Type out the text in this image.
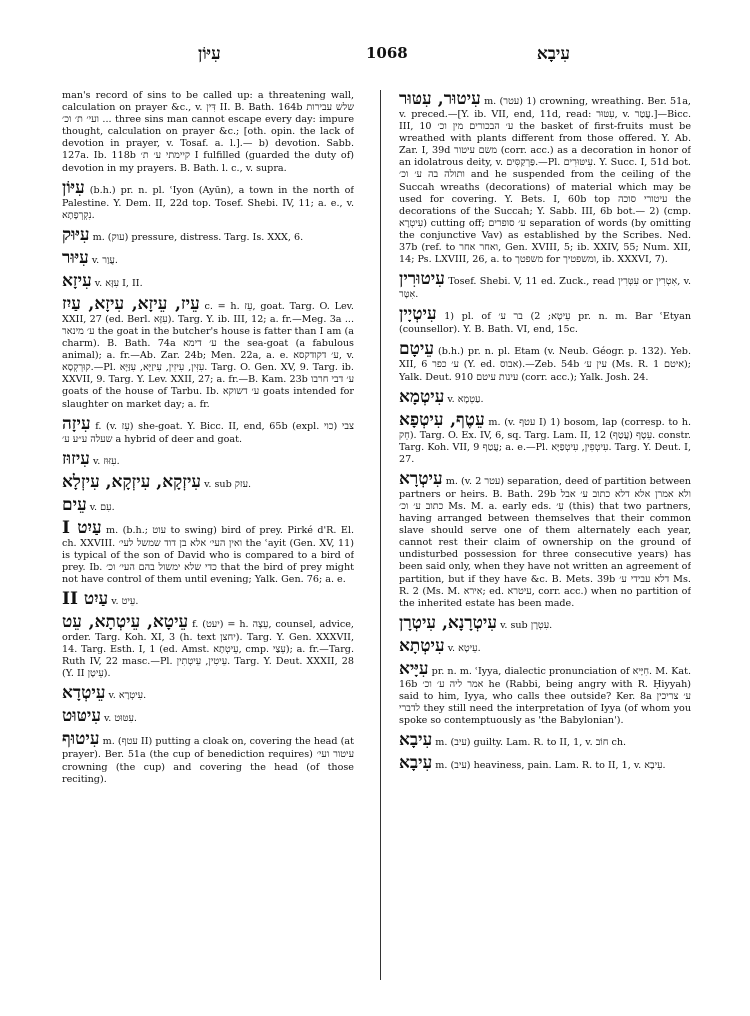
עִיּוֹן	1068	עִיבָא

man's record of sins to be called up: a threatening wall, calculation on prayer &c., v. דִּין II. B. Bath. 164b שלש עבירות ... ועי׳ ת׳ וכ׳ three sins man cannot escape every day: impure thought, calculation on prayer &c.; [oth. opin. the lack of devotion in prayer, v. Tosaf. a. l.].— b) devotion. Sabb. 127a. Ib. 118b קיימתי ע׳ ת׳ I fulfilled (guarded the duty of) devotion in my prayers. B. Bath. l. c., v. supra.

עִיּוֹן (b.h.) pr. n. pl. ʿIyon (Ayūn), a town in the north of Palestine. Y. Dem. II, 22d top. Tosef. Shebi. IV, 11; a. e., v. נִקְרְפָתָא.

עִיּוּק m. (עוק) pressure, distress. Targ. Is. XXX, 6.

עִיּוּר v. עֲוַר.

עִיזָא v. עִזָּא I, II.

עֵיז, עֵיזָא, עִיזָא, עַיִז c. = h. עֵז, goat. Targ. O. Lev. XXII, 27 (ed. Berl. עִזָּא). Targ. Y. ib. III, 12; a. fr.—Meg. 3a ... ע׳ מינאר the goat in the butcher's house is fatter than I am (a charm). B. Bath. 74a ע׳ דימא the sea-goat (a fabulous animal); a. fr.—Ab. Zar. 24b; Men. 22a, a. e. ע׳ דקודקסא, v. קוּרְקְסָא.—Pl. עִזִּין, עִיזִין, עִיזַיָּא, עִזַּיָּא. Targ. O. Gen. XV, 9. Targ. ib. XXVII, 9. Targ. Y. Lev. XXII, 27; a. fr.—B. Kam. 23b ע׳ דבי חרבו goats of the house of Tarbu. Ib. ע׳ דשוקא goats intended for slaughter on market day; a. fr.

עִיזָה f. (v. עֵז) she-goat. Y. Bicc. II, end, 65b (expl. כוי) צבי שעלה ע״ע ע׳ a hybrid of deer and goat.

עִיזוּז v. עִזּוּז.

עִיזְקָא, עִיזְקָא, עִיזְלָא v. sub עזק.

עֵים v. עִם.

עַיִט I m. (b.h.; עוט to swing) bird of prey. Pirké d'R. El. ch. XXVIII. ואין העי׳ אלא בן דוד שמשל לעי׳ the ʿayit (Gen. XV, 11) is typical of the son of David who is compared to a bird of prey. Ib. כדי שלא ימשול בהם העי׳ וכ׳ that the bird of prey might not have control of them until evening; Yalk. Gen. 76; a. e.

עַיִט II v. עֵיט.

עֵיטָא, עֵיטְתָא, עֵט f. (יעט) = h. עֵצָה, counsel, advice, order. Targ. Koh. XI, 3 (h. text יחצן). Targ. Y. Gen. XXXVII, 14. Targ. Esth. I, 1 (ed. Amst. עֵיטְתָא, cmp. עֵצַי); a. fr.—Targ. Ruth IV, 22 masc.—Pl. עֵיטִין, עֵיטְתִין. Targ. Y. Deut. XXXII, 28 (Y. II עֵיטָן).

עֵיטְדָא v. עִיטְרָא.

עִיטּוּט v. עִטּוּט.

עִיטוּף m. (עטף II) putting a cloak on, covering the head (at prayer). Ber. 51a (the cup of benediction requires) עיטור ועי׳ crowning (the cup) and covering the head (of those reciting).

עִיטוּר, עִטּוּר m. (עטר) 1) crowning, wreathing. Ber. 51a, v. preced.—[Y. ib. VII, end, 11d, read: עִטּוּר, v. עֲטַר.]—Bicc. III, 10 ע׳ הבכורים מין וכ׳ the basket of first-fruits must be wreathed with plants different from those offered. Y. Ab. Zar. I, 39d משם עיטור (corr. acc.) as a decoration in honor of an idolatrous deity, v. פַּרְקַסִּים.—Pl. עִיטּוּרִים. Y. Succ. I, 51d bot. ותולה בה ע׳ וכ׳ and he suspended from the ceiling of the Succah wreaths (decorations) of material which may be used for covering. Y. Bets. I, 60b top עיטורי סוכה the decorations of the Succah; Y. Sabb. III, 6b bot.— 2) (cmp. עִיטְרָא) cutting off; ע׳ סופרים separation of words (by omitting the conjunctive Vav) as established by the Scribes. Ned. 37b (ref. to ואחר אחר, Gen. XVIII, 5; ib. XXIV, 55; Num. XII, 14; Ps. LXVIII, 26, a. to משפטך for ומשפטיך, ib. XXXVI, 7).

עִיטוּרִין Tosef. Shebi. V, 11 ed. Zuck., read עִטְּרִין or אִטְרִין, v. אִטָּר.

עִיטְיָין 1) pl. of עֵיטָא; 2) בר ע׳ pr. n. m. Bar ʿEtyan (counsellor). Y. B. Bath. VI, end, 15c.

עֵיטָם (b.h.) pr. n. pl. Etam (v. Neub. Géogr. p. 132). Yeb. XII, 6 ע׳ כפר (Y. ed. אבוס).—Zeb. 54b עין ע׳ (Ms. R. 1 איטם); Yalk. Deut. 910 עינות עיטם (corr. acc.); Yalk. Josh. 24.

עִיטְמָא v. עַטְמָא.

עֵטֶף, עִיטְפָא m. (v. עטף I) 1) bosom, lap (corresp. to h. חֵק). Targ. O. Ex. IV, 6, sq. Targ. Lam. II, 12 עֵטֶף (עֲטַף). constr. Targ. Koh. VII, 9 עֲטַף; a. e.—Pl. עִיטְפִין, עִיטְפַיָּא. Targ. Y. Deut. I, 27.

עִיטְרָא m. (v. עטר 2) separation, deed of partition between partners or heirs. B. Bath. 29b ולא אמרן אלא דלא כתוב ע׳ אבל כתוב ע׳ וכ׳ Ms. M. a. early eds. עִ׳ (this) that two partners, having arranged between themselves that their common slave should serve one of them alternately each year, cannot rest their claim of ownership on the ground of undisturbed possession for three consecutive years) has been said only, when they have not written an agreement of partition, but if they have &c. B. Mets. 39b דלא עבידי ע׳ Ms. R. 2 (Ms. M. אירא; ed. עיטרא, corr. acc.) when no partition of the inherited estate has been made.

עִיטְרָנָא, עִיטְרָן v. sub עִטְרָן.

עִיטְתָא v. עֵיטָא.

עִיָּיא pr. n. m. ʿIyya, dialectic pronunciation of חִיָּיא. M. Kat. 16b אמר ליה ע׳ וכ׳ he (Rabbi, being angry with R. Ḥiyyah) said to him, Iyya, who calls thee outside? Ker. 8a ע׳ צריכין לדברי they still need the interpretation of Iyya (of whom you spoke so contemptuously as 'the Babylonian').

עִיבָא m. (עיב) guilty. Lam. R. to II, 1, v. חוֹב ch.

עִיבָא m. (עיב) heaviness, pain. Lam. R. to II, 1, v. עִיבָא.
